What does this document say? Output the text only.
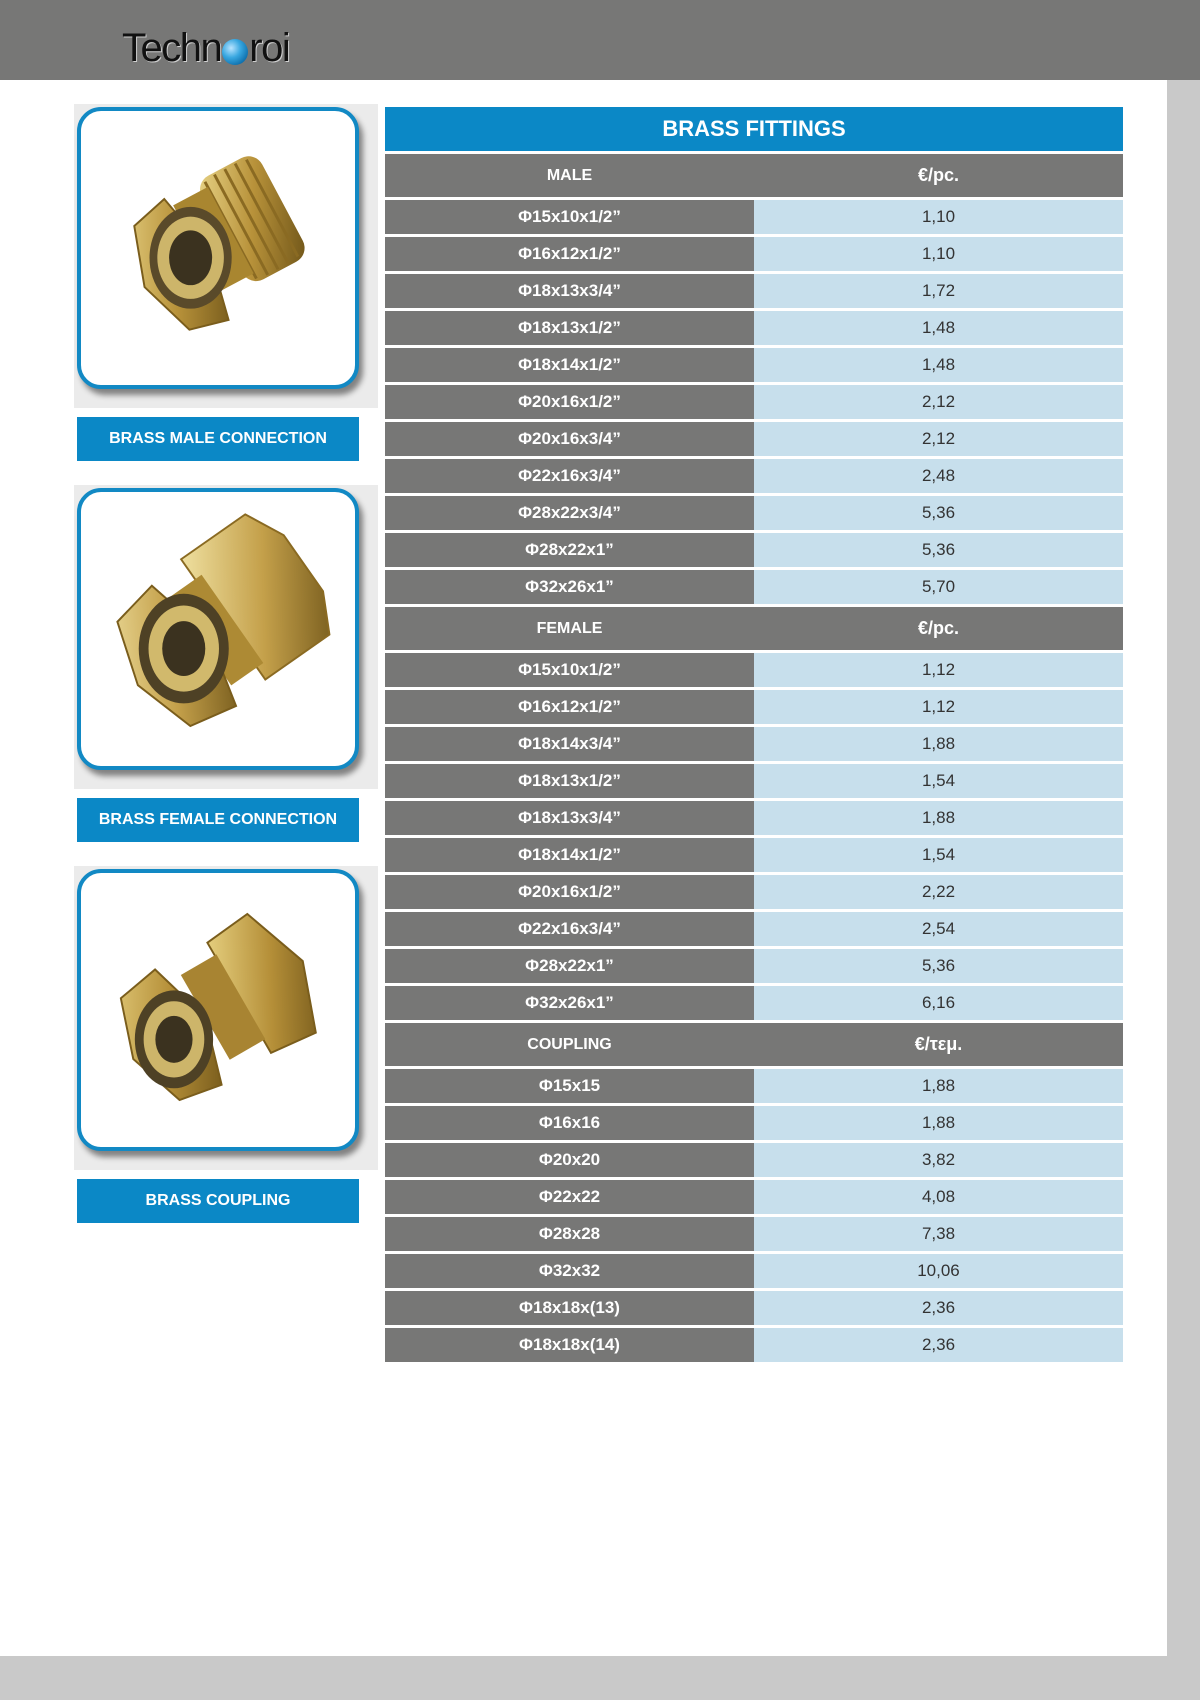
Techn roi
BRASS MALE CONNECTION
BRASS FEMALE CONNECTION
BRASS COUPLING
BRASS FITTINGS
MALE	€/pc.
Φ15x10x1/2”	1,10
Φ16x12x1/2”	1,10
Φ18x13x3/4”	1,72
Φ18x13x1/2”	1,48
Φ18x14x1/2”	1,48
Φ20x16x1/2”	2,12
Φ20x16x3/4”	2,12
Φ22x16x3/4”	2,48
Φ28x22x3/4”	5,36
Φ28x22x1”	5,36
Φ32x26x1”	5,70
FEMALE	€/pc.
Φ15x10x1/2”	1,12
Φ16x12x1/2”	1,12
Φ18x14x3/4”	1,88
Φ18x13x1/2”	1,54
Φ18x13x3/4”	1,88
Φ18x14x1/2”	1,54
Φ20x16x1/2”	2,22
Φ22x16x3/4”	2,54
Φ28x22x1”	5,36
Φ32x26x1”	6,16
COUPLING	€/τεμ.
Φ15x15	1,88
Φ16x16	1,88
Φ20x20	3,82
Φ22x22	4,08
Φ28x28	7,38
Φ32x32	10,06
Φ18x18x(13)	2,36
Φ18x18x(14)	2,36
